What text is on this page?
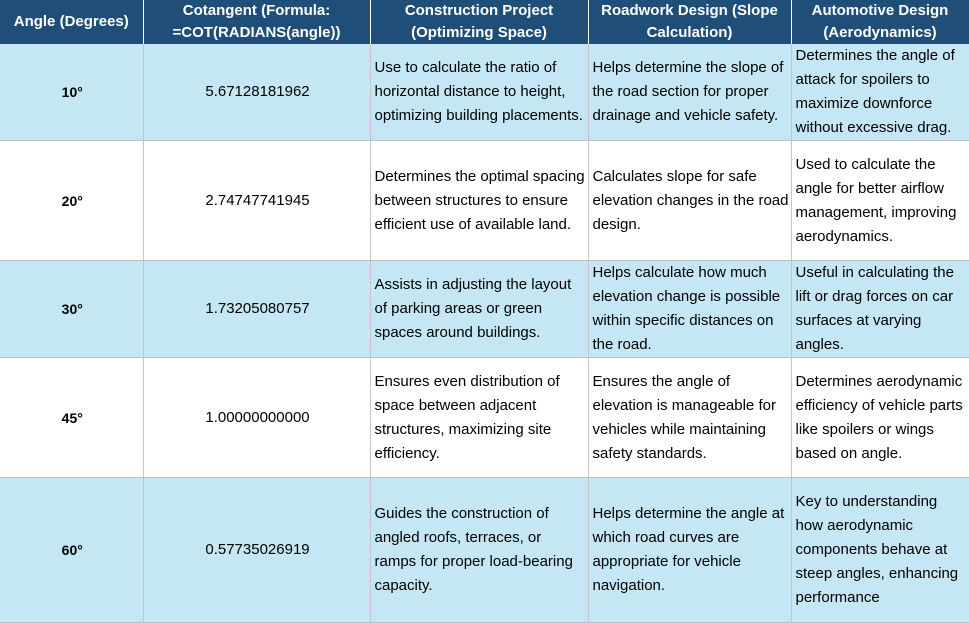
Angle (Degrees)	Cotangent (Formula: =COT(RADIANS(angle))	Construction Project (Optimizing Space)	Roadwork Design (Slope Calculation)	Automotive Design (Aerodynamics)
10°	5.67128181962	Use to calculate the ratio of horizontal distance to height, optimizing building placements.	Helps determine the slope of the road section for proper drainage and vehicle safety.	Determines the angle of attack for spoilers to maximize downforce without excessive drag.
20°	2.74747741945	Determines the optimal spacing between structures to ensure efficient use of available land.	Calculates slope for safe elevation changes in the road design.	Used to calculate the angle for better airflow management, improving aerodynamics.
30°	1.73205080757	Assists in adjusting the layout of parking areas or green spaces around buildings.	Helps calculate how much elevation change is possible within specific distances on the road.	Useful in calculating the lift or drag forces on car surfaces at varying angles.
45°	1.00000000000	Ensures even distribution of space between adjacent structures, maximizing site efficiency.	Ensures the angle of elevation is manageable for vehicles while maintaining safety standards.	Determines aerodynamic efficiency of vehicle parts like spoilers or wings based on angle.
60°	0.57735026919	Guides the construction of angled roofs, terraces, or ramps for proper load-bearing capacity.	Helps determine the angle at which road curves are appropriate for vehicle navigation.	Key to understanding how aerodynamic components behave at steep angles, enhancing performance
